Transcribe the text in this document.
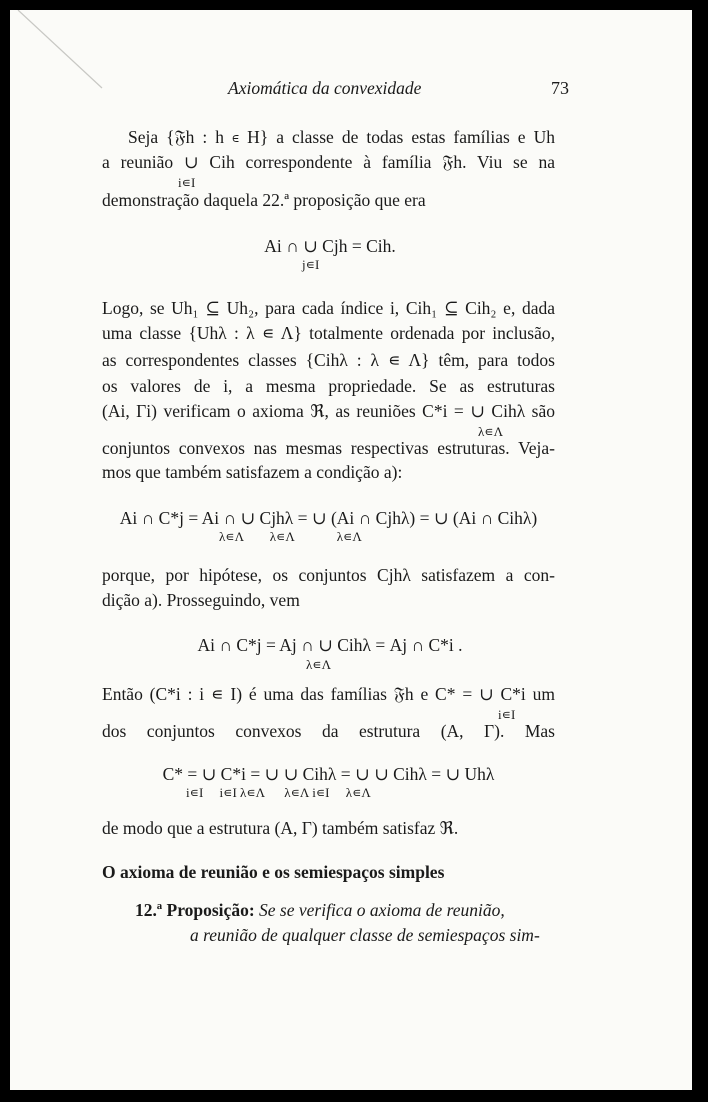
Axiomática da convexidade	73
Seja {𝔉h : h ∊ H} a classe de todas estas famílias e Uh
a reunião ∪ Cih correspondente à família 𝔉h. Viu se na
i∊I
demonstração daquela 22.ª proposição que era
Ai ∩ ∪ Cjh = Cih.
j∊I
Logo, se Uh₁ ⊆ Uh₂, para cada índice i, Cih₁ ⊆ Cih₂ e, dada
uma classe {Uhλ : λ ∊ Λ} totalmente ordenada por inclusão,
as correspondentes classes {Cihλ : λ ∊ Λ} têm, para todos
os valores de i, a mesma propriedade. Se as estruturas
(Ai, Γi) verificam o axioma ℜ, as reuniões C*i = ∪ Cihλ são
λ∊Λ
conjuntos convexos nas mesmas respectivas estruturas. Veja-
mos que também satisfazem a condição a):
Ai ∩ C*j = Ai ∩ ∪ Cjhλ = ∪ (Ai ∩ Cjhλ) = ∪ (Ai ∩ Cihλ)
λ∊Λ        λ∊Λ             λ∊Λ
porque, por hipótese, os conjuntos Cjhλ satisfazem a con-
dição a). Prosseguindo, vem
Ai ∩ C*j = Aj ∩ ∪ Cihλ = Aj ∩ C*i .
λ∊Λ
Então (C*i : i ∊ I) é uma das famílias 𝔉h e C* = ∪ C*i um
i∊I
dos conjuntos convexos da estrutura (A, Γ). Mas
C* = ∪ C*i = ∪ ∪ Cihλ = ∪ ∪ Cihλ = ∪ Uhλ
i∊I     i∊I λ∊Λ      λ∊Λ i∊I     λ∊Λ
de modo que a estrutura (A, Γ) também satisfaz ℜ.
O axioma de reunião e os semiespaços simples
12.ª Proposição: Se se verifica o axioma de reunião,
a reunião de qualquer classe de semiespaços sim-
